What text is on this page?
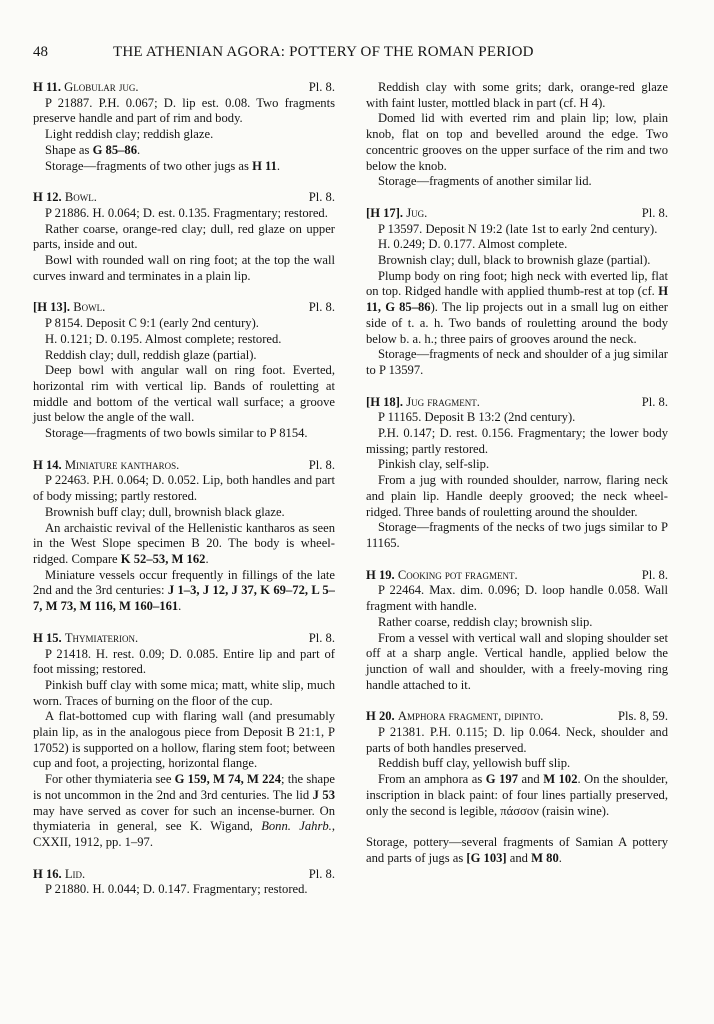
48	THE ATHENIAN AGORA: POTTERY OF THE ROMAN PERIOD
H 11. Globular jug.	Pl. 8.

P 21887. P.H. 0.067; D. lip est. 0.08. Two fragments preserve handle and part of rim and body.

Light reddish clay; reddish glaze.

Shape as G 85–86.

Storage—fragments of two other jugs as H 11.

H 12. Bowl.	Pl. 8.

P 21886. H. 0.064; D. est. 0.135. Fragmentary; restored.

Rather coarse, orange-red clay; dull, red glaze on upper parts, inside and out.

Bowl with rounded wall on ring foot; at the top the wall curves inward and terminates in a plain lip.

[H 13]. Bowl.	Pl. 8.

P 8154. Deposit C 9:1 (early 2nd century).

H. 0.121; D. 0.195. Almost complete; restored.

Reddish clay; dull, reddish glaze (partial).

Deep bowl with angular wall on ring foot. Everted, horizontal rim with vertical lip. Bands of rouletting at middle and bottom of the vertical wall surface; a groove just below the angle of the wall.

Storage—fragments of two bowls similar to P 8154.

H 14. Miniature kantharos.	Pl. 8.

P 22463. P.H. 0.064; D. 0.052. Lip, both handles and part of body missing; partly restored.

Brownish buff clay; dull, brownish black glaze.

An archaistic revival of the Hellenistic kantharos as seen in the West Slope specimen B 20. The body is wheel-ridged. Compare K 52–53, M 162.

Miniature vessels occur frequently in fillings of the late 2nd and the 3rd centuries: J 1–3, J 12, J 37, K 69–72, L 5–7, M 73, M 116, M 160–161.

H 15. Thymiaterion.	Pl. 8.

P 21418. H. rest. 0.09; D. 0.085. Entire lip and part of foot missing; restored.

Pinkish buff clay with some mica; matt, white slip, much worn. Traces of burning on the floor of the cup.

A flat-bottomed cup with flaring wall (and presumably plain lip, as in the analogous piece from Deposit B 21:1, P 17052) is supported on a hollow, flaring stem foot; between cup and foot, a projecting, horizontal flange.

For other thymiateria see G 159, M 74, M 224; the shape is not uncommon in the 2nd and 3rd centuries. The lid J 53 may have served as cover for such an incense-burner. On thymiateria in general, see K. Wigand, Bonn. Jahrb., CXXII, 1912, pp. 1–97.

H 16. Lid.	Pl. 8.

P 21880. H. 0.044; D. 0.147. Fragmentary; restored.

Reddish clay with some grits; dark, orange-red glaze with faint luster, mottled black in part (cf. H 4).

Domed lid with everted rim and plain lip; low, plain knob, flat on top and bevelled around the edge. Two concentric grooves on the upper surface of the rim and two below the knob.

Storage—fragments of another similar lid.

[H 17]. Jug.	Pl. 8.

P 13597. Deposit N 19:2 (late 1st to early 2nd century).

H. 0.249; D. 0.177. Almost complete.

Brownish clay; dull, black to brownish glaze (partial).

Plump body on ring foot; high neck with everted lip, flat on top. Ridged handle with applied thumb-rest at top (cf. H 11, G 85–86). The lip projects out in a small lug on either side of t. a. h. Two bands of rouletting around the body below b. a. h.; three pairs of grooves around the neck.

Storage—fragments of neck and shoulder of a jug similar to P 13597.

[H 18]. Jug fragment.	Pl. 8.

P 11165. Deposit B 13:2 (2nd century).

P.H. 0.147; D. rest. 0.156. Fragmentary; the lower body missing; partly restored.

Pinkish clay, self-slip.

From a jug with rounded shoulder, narrow, flaring neck and plain lip. Handle deeply grooved; the neck wheel-ridged. Three bands of rouletting around the shoulder.

Storage—fragments of the necks of two jugs similar to P 11165.

H 19. Cooking pot fragment.	Pl. 8.

P 22464. Max. dim. 0.096; D. loop handle 0.058. Wall fragment with handle.

Rather coarse, reddish clay; brownish slip.

From a vessel with vertical wall and sloping shoulder set off at a sharp angle. Vertical handle, applied below the junction of wall and shoulder, with a freely-moving ring handle attached to it.

H 20. Amphora fragment, dipinto.	Pls. 8, 59.

P 21381. P.H. 0.115; D. lip 0.064. Neck, shoulder and parts of both handles preserved.

Reddish buff clay, yellowish buff slip.

From an amphora as G 197 and M 102. On the shoulder, inscription in black paint: of four lines partially preserved, only the second is legible, πάσσον (raisin wine).

Storage, pottery—several fragments of Samian A pottery and parts of jugs as [G 103] and M 80.
